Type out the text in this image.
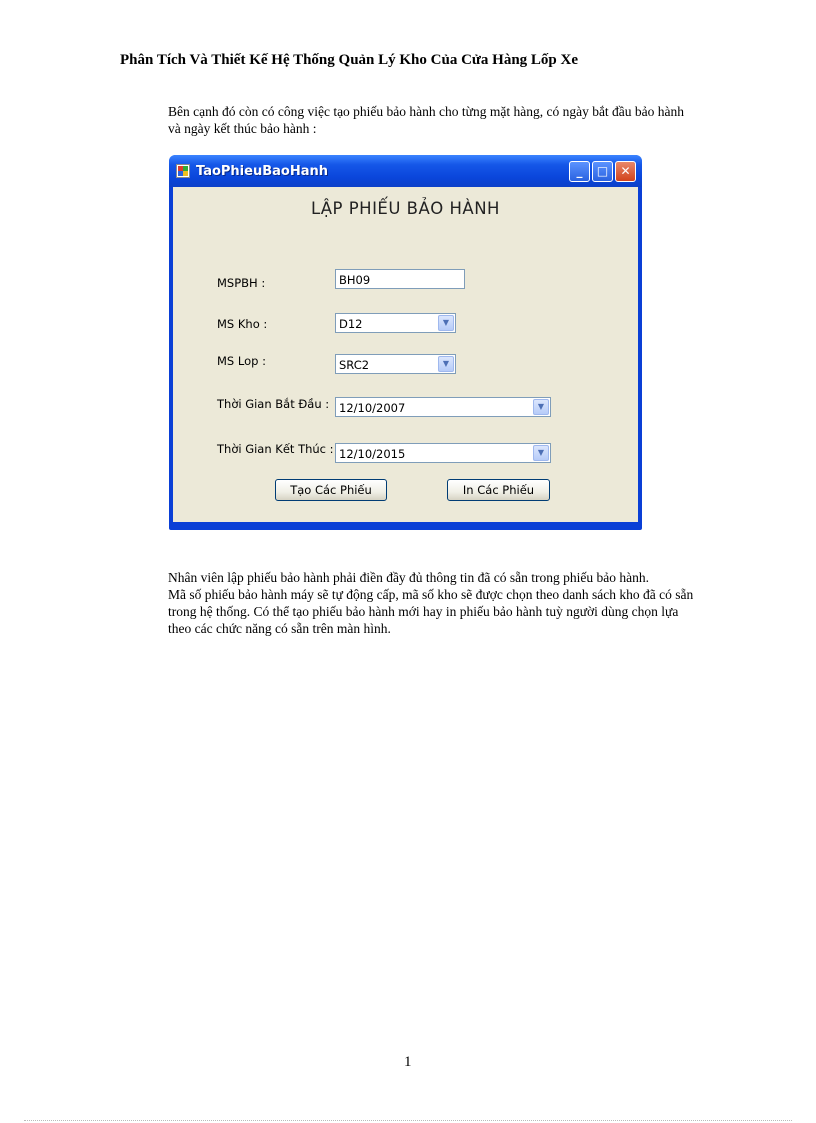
Phân Tích Và Thiết Kế Hệ Thống Quản Lý Kho Của Cửa Hàng Lốp Xe

Bên cạnh đó còn có công việc tạo phiếu bảo hành cho từng mặt hàng, có ngày bắt đầu bảo hành

và ngày kết thúc bảo hành :

TaoPhieuBaoHanh	_	□	✕
LẬP PHIẾU BẢO HÀNH
MSPBH :	BH09
MS Kho :	D12	▼
MS Lop :	SRC2	▼
Thời Gian Bắt Đầu : 12/10/2007	▼
Thời Gian Kết Thúc : 12/10/2015	▼
Tạo Các Phiếu	In Các Phiếu

Nhân viên lập phiếu bảo hành phải điền đầy đủ thông tin đã có sẵn trong phiếu bảo hành.

Mã số phiếu bảo hành máy sẽ tự động cấp, mã số kho sẽ được chọn theo danh sách kho đã có sẵn

trong hệ thống. Có thể tạo phiếu bảo hành mới hay in phiếu bảo hành tuỳ người dùng chọn lựa

theo các chức năng có sẵn trên màn hình.

1
